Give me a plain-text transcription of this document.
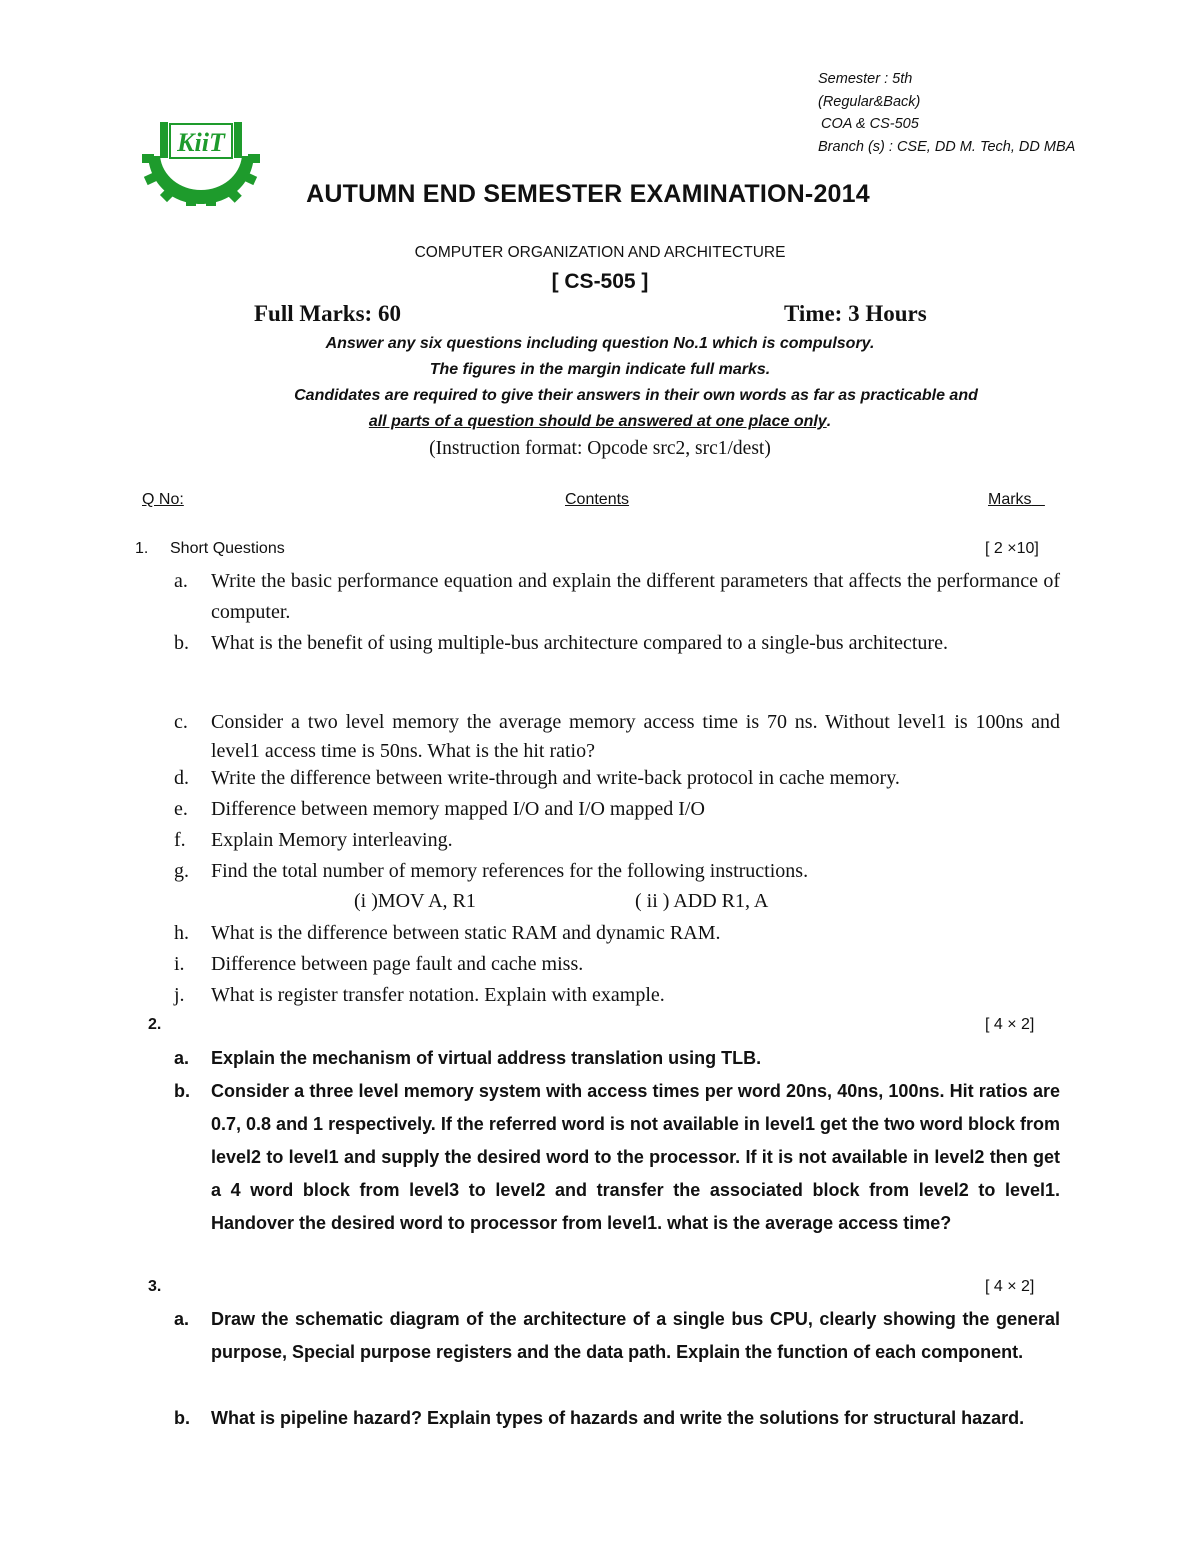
Semester : 5th
(Regular&Back)
COA & CS-505
Branch (s) : CSE, DD M. Tech, DD MBA
KiiT
AUTUMN END SEMESTER EXAMINATION-2014
COMPUTER ORGANIZATION AND ARCHITECTURE
[ CS-505 ]
Full Marks: 60	Time: 3 Hours
Answer any six questions including question No.1 which is compulsory.
The figures in the margin indicate full marks.
Candidates are required to give their answers in their own words as far as practicable and
all parts of a question should be answered at one place only.
(Instruction format: Opcode src2, src1/dest)
Q No:	Contents	Marks
1. Short Questions	[ 2 ×10]
a. Write the basic performance equation and explain the different parameters that affects the performance of computer.
b. What is the benefit of using multiple-bus architecture compared to a single-bus architecture.
c. Consider a two level memory the average memory access time is 70 ns. Without level1 is 100ns and level1 access time is 50ns. What is the hit ratio?
d. Write the difference between write-through and write-back protocol in cache memory.
e. Difference between memory mapped I/O and I/O mapped I/O
f. Explain Memory interleaving.
g. Find the total number of memory references for the following instructions.
(i )MOV A, R1	( ii ) ADD R1, A
h. What is the difference between static RAM and dynamic RAM.
i. Difference between page fault and cache miss.
j. What is register transfer notation. Explain with example.
2.	[ 4 × 2]
a. Explain the mechanism of virtual address translation using TLB.
b. Consider a three level memory system with access times per word 20ns, 40ns, 100ns. Hit ratios are 0.7, 0.8 and 1 respectively. If the referred word is not available in level1 get the two word block from level2 to level1 and supply the desired word to the processor. If it is not available in level2 then get a 4 word block from level3 to level2 and transfer the associated block from level2 to level1. Handover the desired word to processor from level1. what is the average access time?
3.	[ 4 × 2]
a. Draw the schematic diagram of the architecture of a single bus CPU, clearly showing the general purpose, Special purpose registers and the data path. Explain the function of each component.
b. What is pipeline hazard? Explain types of hazards and write the solutions for structural hazard.
